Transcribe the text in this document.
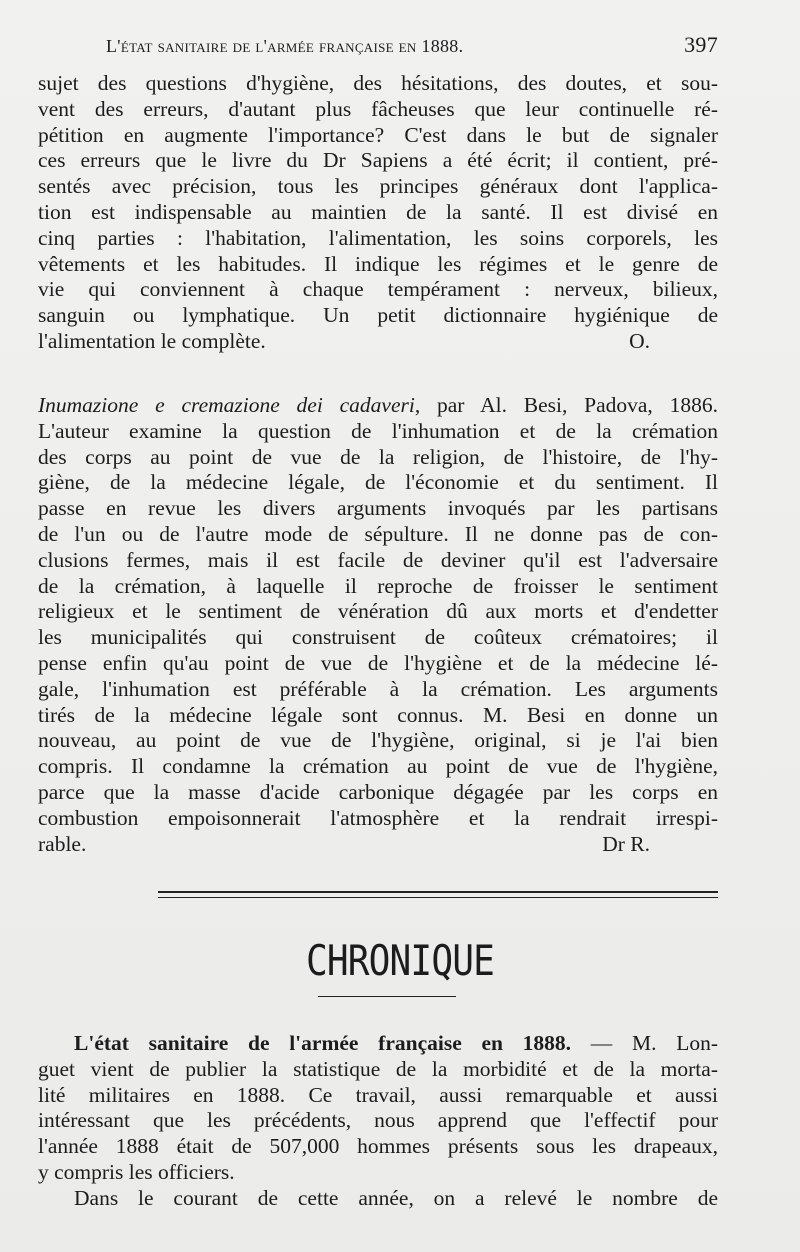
L'état sanitaire de l'armée française en 1888.	397
sujet des questions d'hygiène, des hésitations, des doutes, et sou-
vent des erreurs, d'autant plus fâcheuses que leur continuelle ré-
pétition en augmente l'importance? C'est dans le but de signaler
ces erreurs que le livre du Dr Sapiens a été écrit; il contient, pré-
sentés avec précision, tous les principes généraux dont l'applica-
tion est indispensable au maintien de la santé. Il est divisé en
cinq parties : l'habitation, l'alimentation, les soins corporels, les
vêtements et les habitudes. Il indique les régimes et le genre de
vie qui conviennent à chaque tempérament : nerveux, bilieux,
sanguin ou lymphatique. Un petit dictionnaire hygiénique de
l'alimentation le complète.	O.
Inumazione e cremazione dei cadaveri, par Al. Besi, Padova, 1886.
L'auteur examine la question de l'inhumation et de la crémation
des corps au point de vue de la religion, de l'histoire, de l'hy-
giène, de la médecine légale, de l'économie et du sentiment. Il
passe en revue les divers arguments invoqués par les partisans
de l'un ou de l'autre mode de sépulture. Il ne donne pas de con-
clusions fermes, mais il est facile de deviner qu'il est l'adversaire
de la crémation, à laquelle il reproche de froisser le sentiment
religieux et le sentiment de vénération dû aux morts et d'endetter
les municipalités qui construisent de coûteux crématoires; il
pense enfin qu'au point de vue de l'hygiène et de la médecine lé-
gale, l'inhumation est préférable à la crémation. Les arguments
tirés de la médecine légale sont connus. M. Besi en donne un
nouveau, au point de vue de l'hygiène, original, si je l'ai bien
compris. Il condamne la crémation au point de vue de l'hygiène,
parce que la masse d'acide carbonique dégagée par les corps en
combustion empoisonnerait l'atmosphère et la rendrait irrespi-
rable.	Dr R.
CHRONIQUE
L'état sanitaire de l'armée française en 1888. — M. Lon-
guet vient de publier la statistique de la morbidité et de la morta-
lité militaires en 1888. Ce travail, aussi remarquable et aussi
intéressant que les précédents, nous apprend que l'effectif pour
l'année 1888 était de 507,000 hommes présents sous les drapeaux,
y compris les officiers.
Dans le courant de cette année, on a relevé le nombre de
